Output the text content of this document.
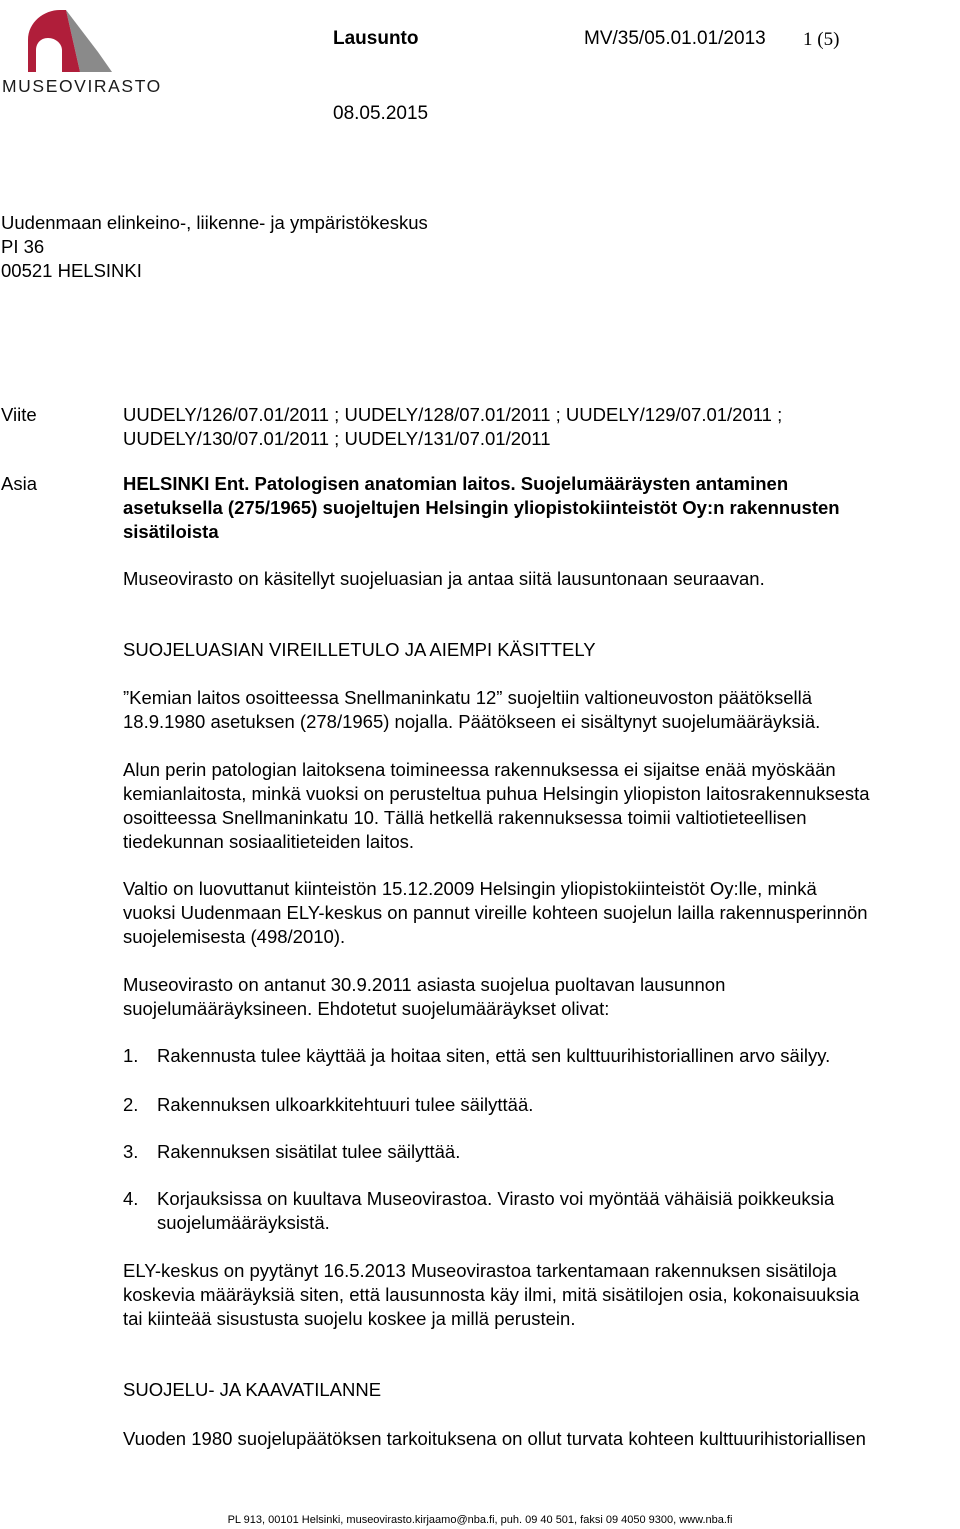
MUSEOVIRASTO
Lausunto	MV/35/05.01.01/2013 1 (5)
08.05.2015
Uudenmaan elinkeino-, liikenne- ja ympäristökeskus
PI 36
00521 HELSINKI
Viite	UUDELY/126/07.01/2011 ; UUDELY/128/07.01/2011 ; UUDELY/129/07.01/2011 ;
UUDELY/130/07.01/2011 ; UUDELY/131/07.01/2011
Asia	HELSINKI Ent. Patologisen anatomian laitos. Suojelumääräysten antaminen
asetuksella (275/1965) suojeltujen Helsingin yliopistokiinteistöt Oy:n rakennusten
sisätiloista
Museovirasto on käsitellyt suojeluasian ja antaa siitä lausuntonaan seuraavan.
SUOJELUASIAN VIREILLETULO JA AIEMPI KÄSITTELY
”Kemian laitos osoitteessa Snellmaninkatu 12” suojeltiin valtioneuvoston päätöksellä
18.9.1980 asetuksen (278/1965) nojalla. Päätökseen ei sisältynyt suojelumääräyksiä.
Alun perin patologian laitoksena toimineessa rakennuksessa ei sijaitse enää myöskään
kemianlaitosta, minkä vuoksi on perusteltua puhua Helsingin yliopiston laitosrakennuksesta
osoitteessa Snellmaninkatu 10. Tällä hetkellä rakennuksessa toimii valtiotieteellisen
tiedekunnan sosiaalitieteiden laitos.
Valtio on luovuttanut kiinteistön 15.12.2009 Helsingin yliopistokiinteistöt Oy:lle, minkä
vuoksi Uudenmaan ELY-keskus on pannut vireille kohteen suojelun lailla rakennusperinnön
suojelemisesta (498/2010).
Museovirasto on antanut 30.9.2011 asiasta suojelua puoltavan lausunnon
suojelumääräyksineen. Ehdotetut suojelumääräykset olivat:
1. Rakennusta tulee käyttää ja hoitaa siten, että sen kulttuurihistoriallinen arvo säilyy.
2. Rakennuksen ulkoarkkitehtuuri tulee säilyttää.
3. Rakennuksen sisätilat tulee säilyttää.
4. Korjauksissa on kuultava Museovirastoa. Virasto voi myöntää vähäisiä poikkeuksia
suojelumääräyksistä.
ELY-keskus on pyytänyt 16.5.2013 Museovirastoa tarkentamaan rakennuksen sisätiloja
koskevia määräyksiä siten, että lausunnosta käy ilmi, mitä sisätilojen osia, kokonaisuuksia
tai kiinteää sisustusta suojelu koskee ja millä perustein.
SUOJELU- JA KAAVATILANNE
Vuoden 1980 suojelupäätöksen tarkoituksena on ollut turvata kohteen kulttuurihistoriallisen
PL 913, 00101 Helsinki, museovirasto.kirjaamo@nba.fi, puh. 09 40 501, faksi 09 4050 9300, www.nba.fi
